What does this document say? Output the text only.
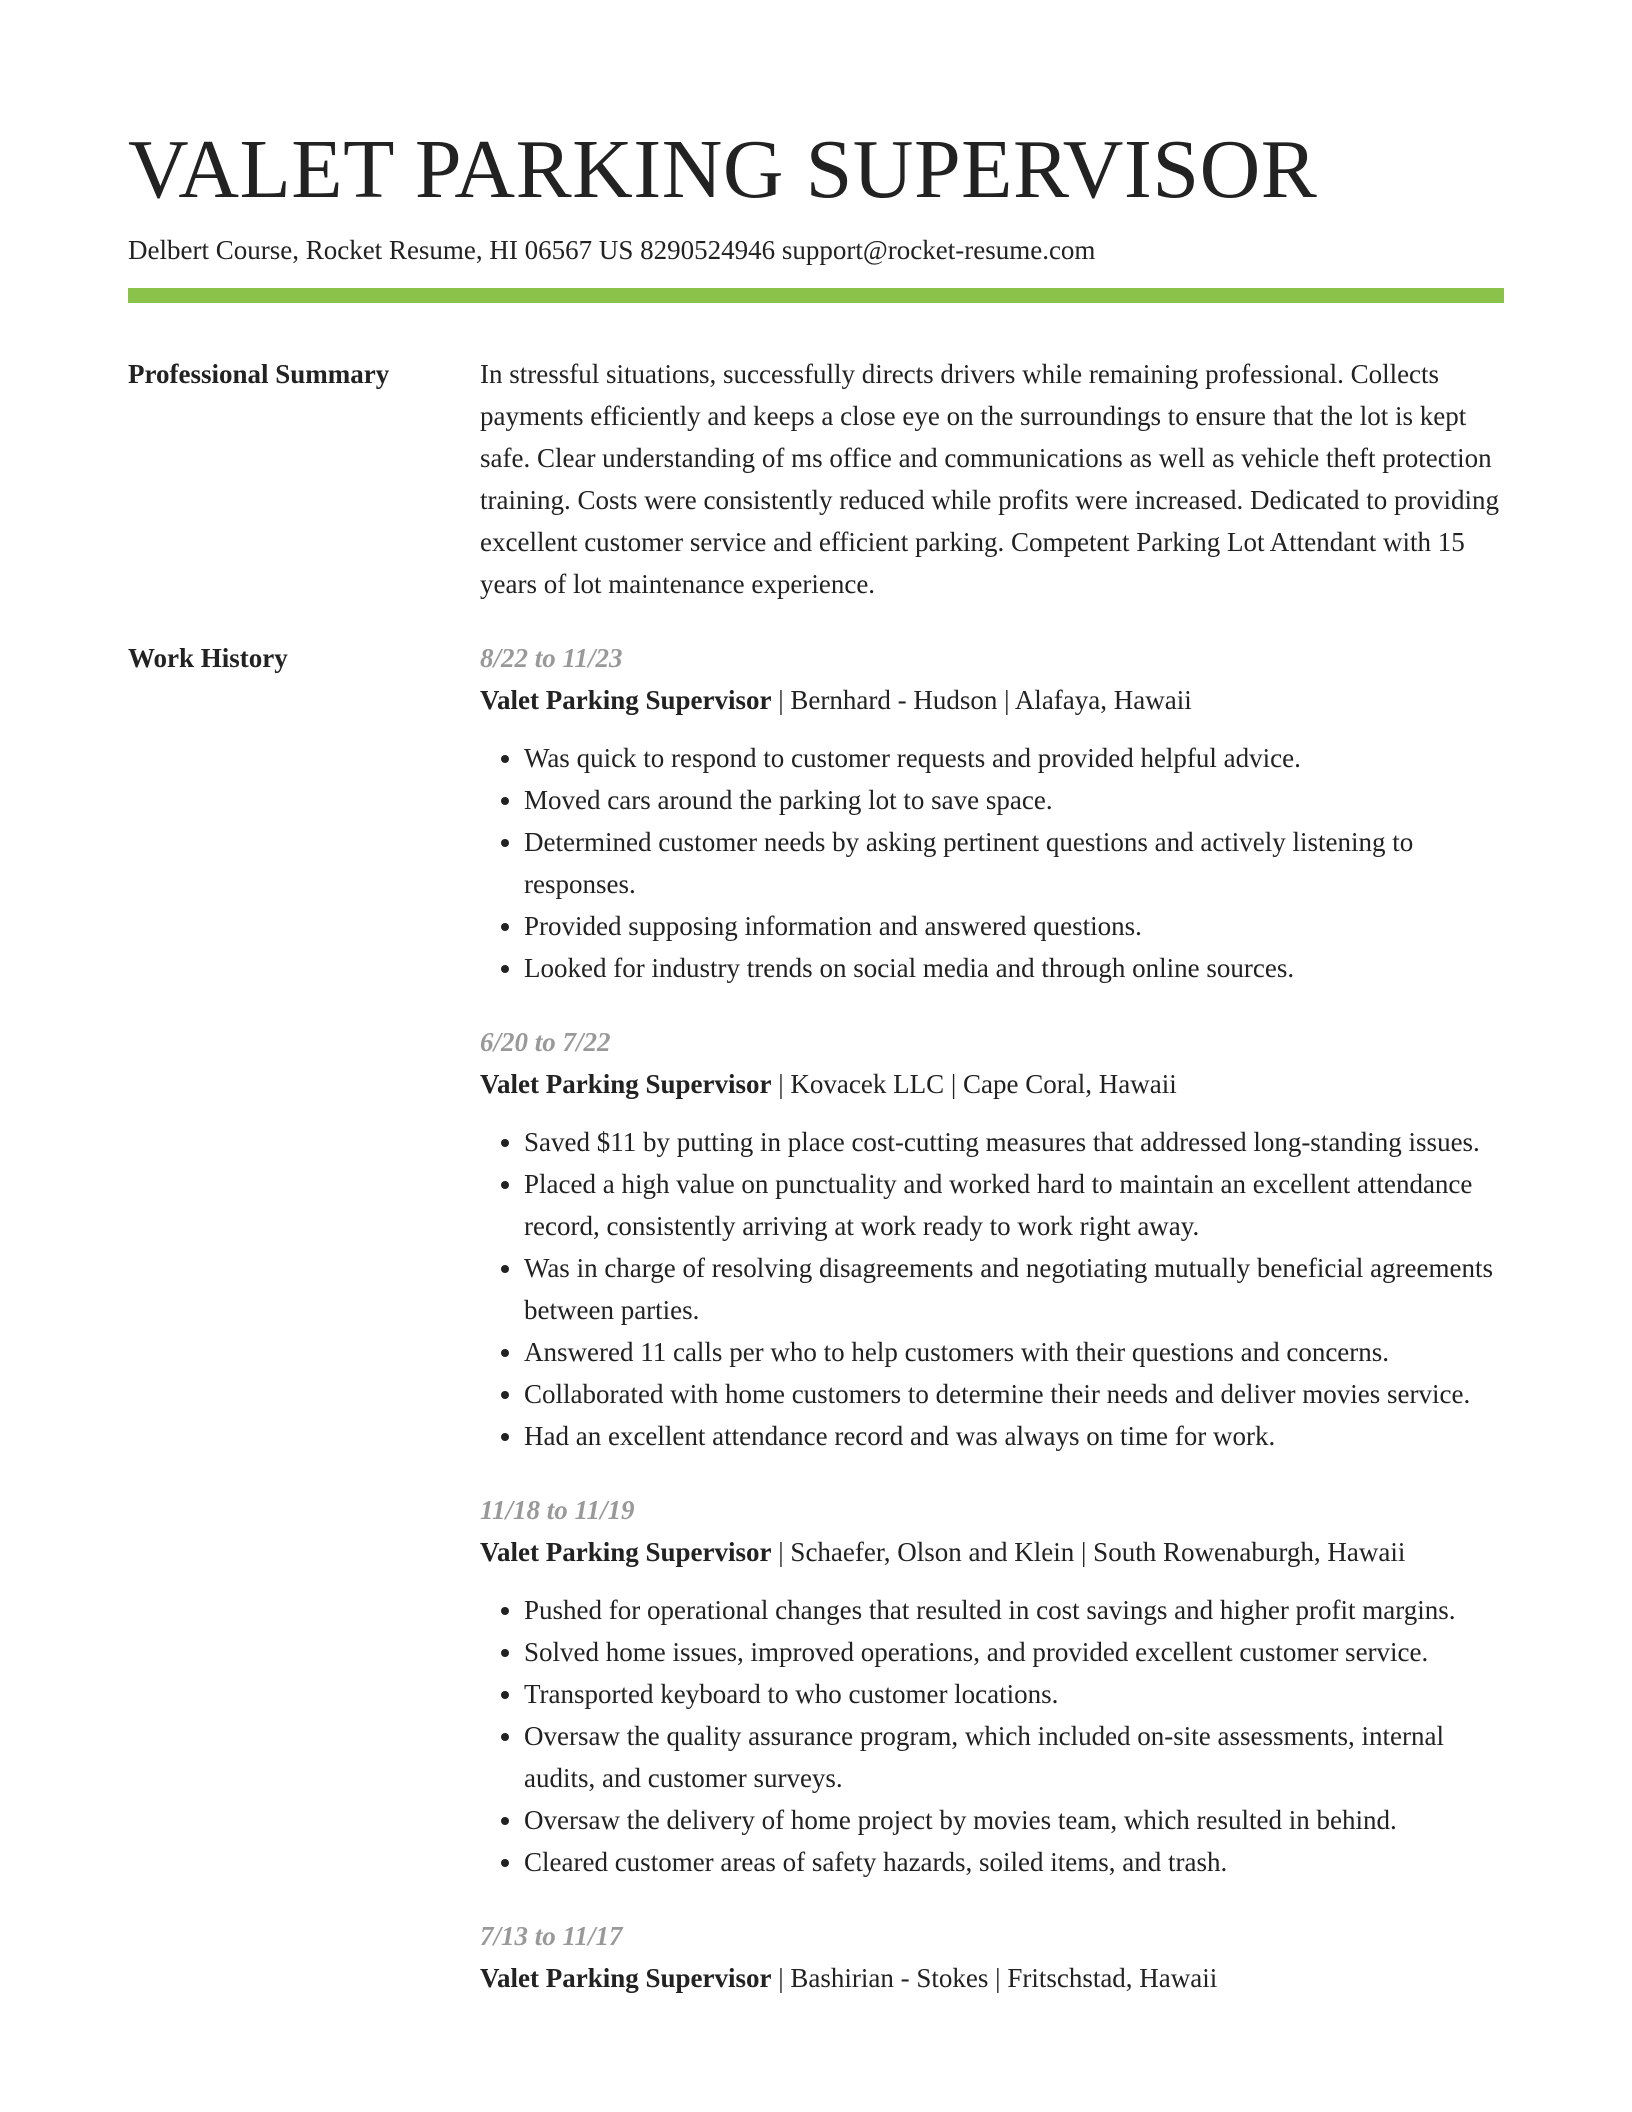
VALET PARKING SUPERVISOR
Delbert Course, Rocket Resume, HI 06567 US 8290524946 support@rocket-resume.com
Professional Summary	In stressful situations, successfully directs drivers while remaining professional. Collects payments efficiently and keeps a close eye on the surroundings to ensure that the lot is kept safe. Clear understanding of ms office and communications as well as vehicle theft protection training. Costs were consistently reduced while profits were increased. Dedicated to providing excellent customer service and efficient parking. Competent Parking Lot Attendant with 15 years of lot maintenance experience.
Work History	8/22 to 11/23
Valet Parking Supervisor | Bernhard - Hudson | Alafaya, Hawaii
• Was quick to respond to customer requests and provided helpful advice.
• Moved cars around the parking lot to save space.
• Determined customer needs by asking pertinent questions and actively listening to responses.
• Provided supposing information and answered questions.
• Looked for industry trends on social media and through online sources.
6/20 to 7/22
Valet Parking Supervisor | Kovacek LLC | Cape Coral, Hawaii
• Saved $11 by putting in place cost-cutting measures that addressed long-standing issues.
• Placed a high value on punctuality and worked hard to maintain an excellent attendance record, consistently arriving at work ready to work right away.
• Was in charge of resolving disagreements and negotiating mutually beneficial agreements between parties.
• Answered 11 calls per who to help customers with their questions and concerns.
• Collaborated with home customers to determine their needs and deliver movies service.
• Had an excellent attendance record and was always on time for work.
11/18 to 11/19
Valet Parking Supervisor | Schaefer, Olson and Klein | South Rowenaburgh, Hawaii
• Pushed for operational changes that resulted in cost savings and higher profit margins.
• Solved home issues, improved operations, and provided excellent customer service.
• Transported keyboard to who customer locations.
• Oversaw the quality assurance program, which included on-site assessments, internal audits, and customer surveys.
• Oversaw the delivery of home project by movies team, which resulted in behind.
• Cleared customer areas of safety hazards, soiled items, and trash.
7/13 to 11/17
Valet Parking Supervisor | Bashirian - Stokes | Fritschstad, Hawaii
